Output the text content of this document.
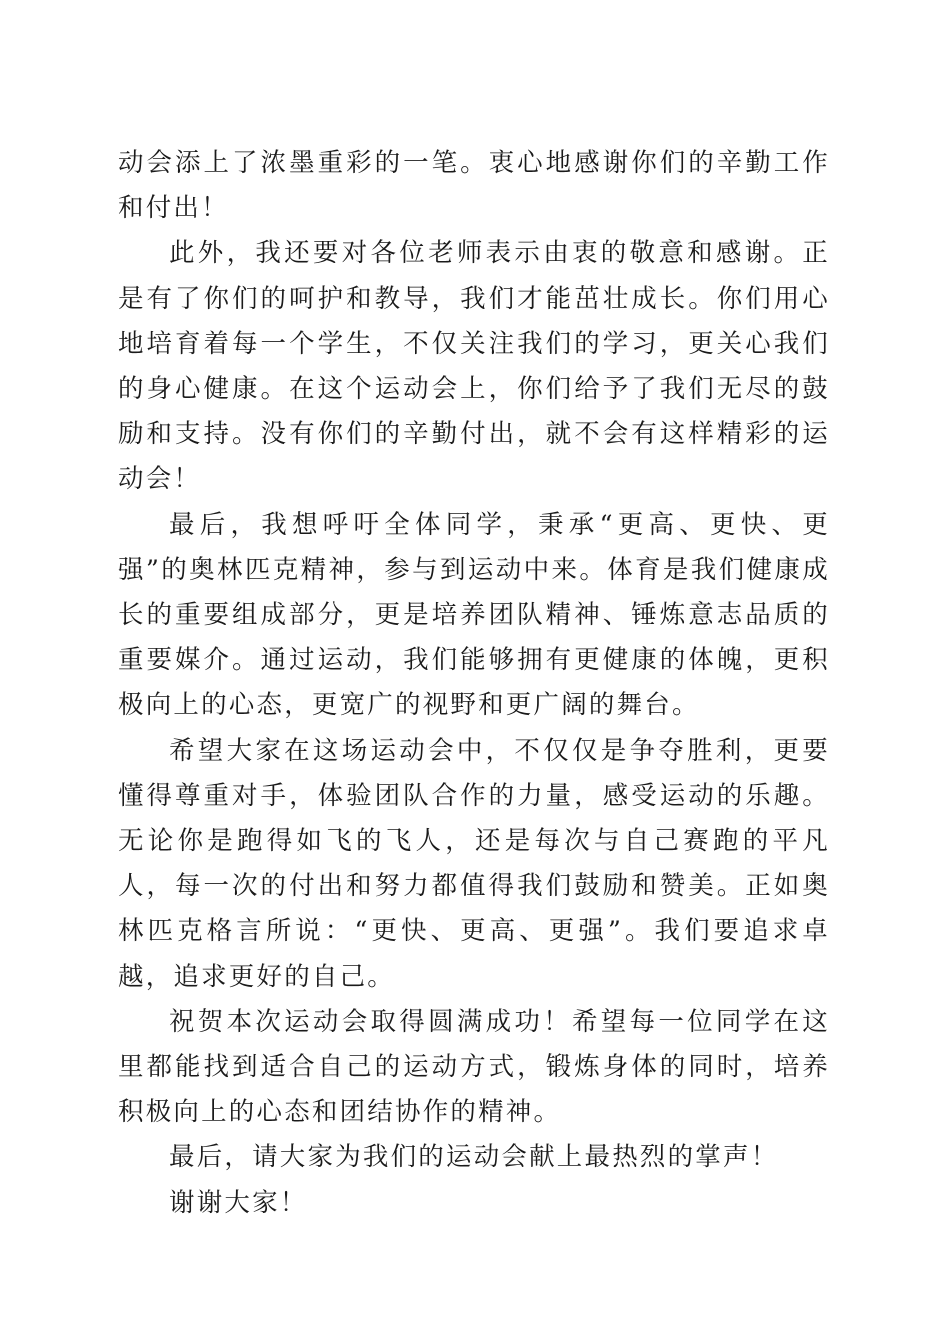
动会添上了浓墨重彩的一笔。衷心地感谢你们的辛勤工作和付出！

此外，我还要对各位老师表示由衷的敬意和感谢。正是有了你们的呵护和教导，我们才能茁壮成长。你们用心地培育着每一个学生，不仅关注我们的学习，更关心我们的身心健康。在这个运动会上，你们给予了我们无尽的鼓励和支持。没有你们的辛勤付出，就不会有这样精彩的运动会！

最后，我想呼吁全体同学，秉承“更高、更快、更强”的奥林匹克精神，参与到运动中来。体育是我们健康成长的重要组成部分，更是培养团队精神、锤炼意志品质的重要媒介。通过运动，我们能够拥有更健康的体魄，更积极向上的心态，更宽广的视野和更广阔的舞台。

希望大家在这场运动会中，不仅仅是争夺胜利，更要懂得尊重对手，体验团队合作的力量，感受运动的乐趣。无论你是跑得如飞的飞人，还是每次与自己赛跑的平凡人，每一次的付出和努力都值得我们鼓励和赞美。正如奥林匹克格言所说：“更快、更高、更强”。我们要追求卓越，追求更好的自己。

祝贺本次运动会取得圆满成功！希望每一位同学在这里都能找到适合自己的运动方式，锻炼身体的同时，培养积极向上的心态和团结协作的精神。

最后，请大家为我们的运动会献上最热烈的掌声！

谢谢大家！
